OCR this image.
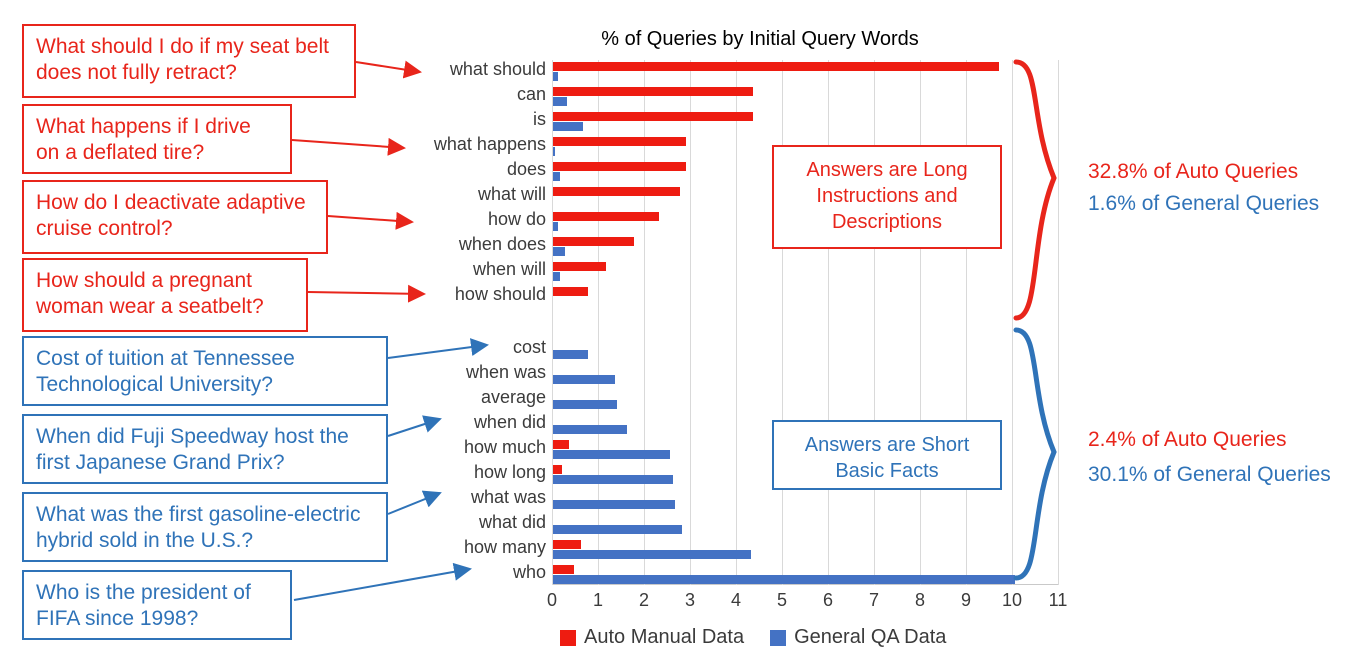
What should I do if my seat belt does not fully retract?
What happens if I drive on a deflated tire?
How do I deactivate adaptive cruise control?
How should a pregnant woman wear a seatbelt?
Cost of tuition at Tennessee Technological University?
When did Fuji Speedway host the first Japanese Grand Prix?
What was the first gasoline-electric hybrid sold in the U.S.?
Who is the president of FIFA since 1998?
% of Queries by Initial Query Words
Answers are Long Instructions and Descriptions
Answers are Short Basic Facts
32.8% of Auto Queries
1.6% of General Queries
2.4% of Auto Queries
30.1% of General Queries
Auto Manual Data	General QA Data
0	1	2	3	4	5	6	7	8	9	10 11
what should
can
is
what happens
does
what will
how do
when does
when will
how should
cost
when was
average
when did
how much
how long
what was
what did
how many
who
